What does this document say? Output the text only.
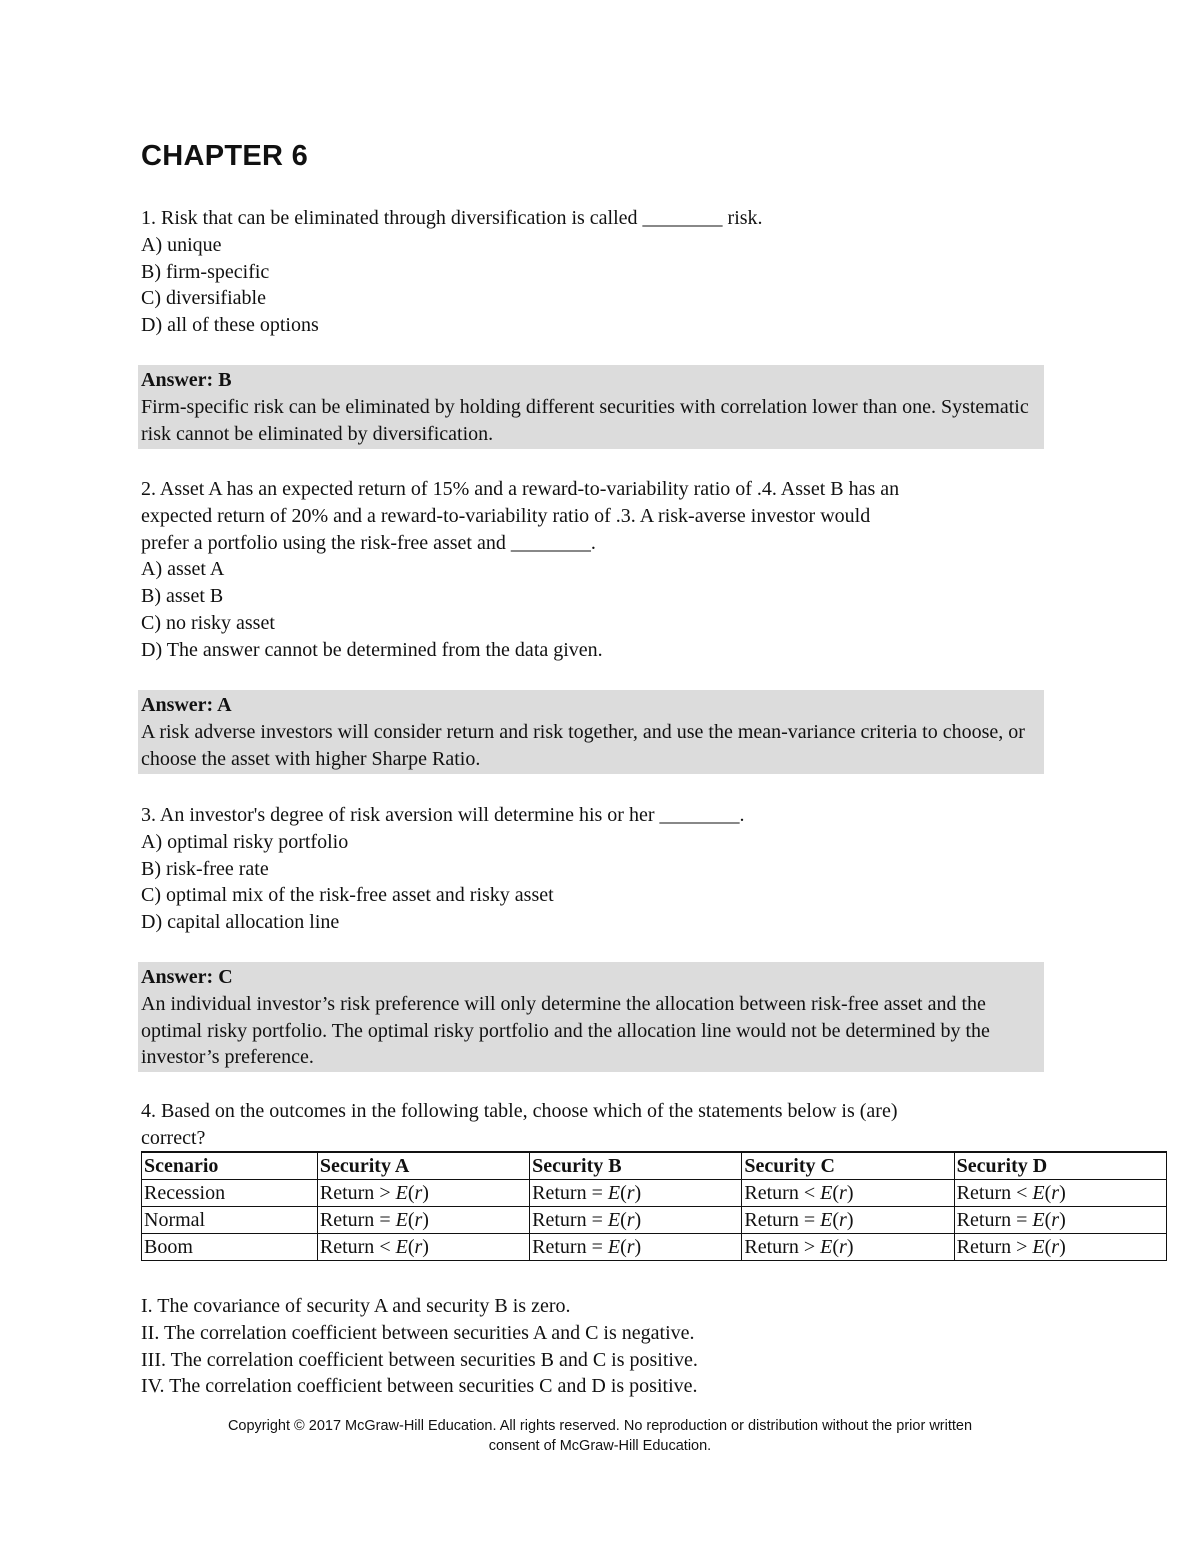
CHAPTER 6
1. Risk that can be eliminated through diversification is called ________ risk.
A) unique
B) firm-specific
C) diversifiable
D) all of these options
Answer: B
Firm-specific risk can be eliminated by holding different securities with correlation lower than one. Systematic risk cannot be eliminated by diversification.
2. Asset A has an expected return of 15% and a reward-to-variability ratio of .4. Asset B has an
expected return of 20% and a reward-to-variability ratio of .3. A risk-averse investor would
prefer a portfolio using the risk-free asset and ________.
A) asset A
B) asset B
C) no risky asset
D) The answer cannot be determined from the data given.
Answer: A
A risk adverse investors will consider return and risk together, and use the mean-variance criteria to choose, or choose the asset with higher Sharpe Ratio.
3. An investor's degree of risk aversion will determine his or her ________.
A) optimal risky portfolio
B) risk-free rate
C) optimal mix of the risk-free asset and risky asset
D) capital allocation line
Answer: C
An individual investor’s risk preference will only determine the allocation between risk-free asset and the optimal risky portfolio. The optimal risky portfolio and the allocation line would not be determined by the investor’s preference.
4. Based on the outcomes in the following table, choose which of the statements below is (are)
correct?
Scenario	Security A	Security B	Security C	Security D
Recession	Return > E(r)	Return = E(r)	Return < E(r)	Return < E(r)
Normal	Return = E(r)	Return = E(r)	Return = E(r)	Return = E(r)
Boom	Return < E(r)	Return = E(r)	Return > E(r)	Return > E(r)
I. The covariance of security A and security B is zero.
II. The correlation coefficient between securities A and C is negative.
III. The correlation coefficient between securities B and C is positive.
IV. The correlation coefficient between securities C and D is positive.
Copyright © 2017 McGraw-Hill Education. All rights reserved. No reproduction or distribution without the prior written
consent of McGraw-Hill Education.
